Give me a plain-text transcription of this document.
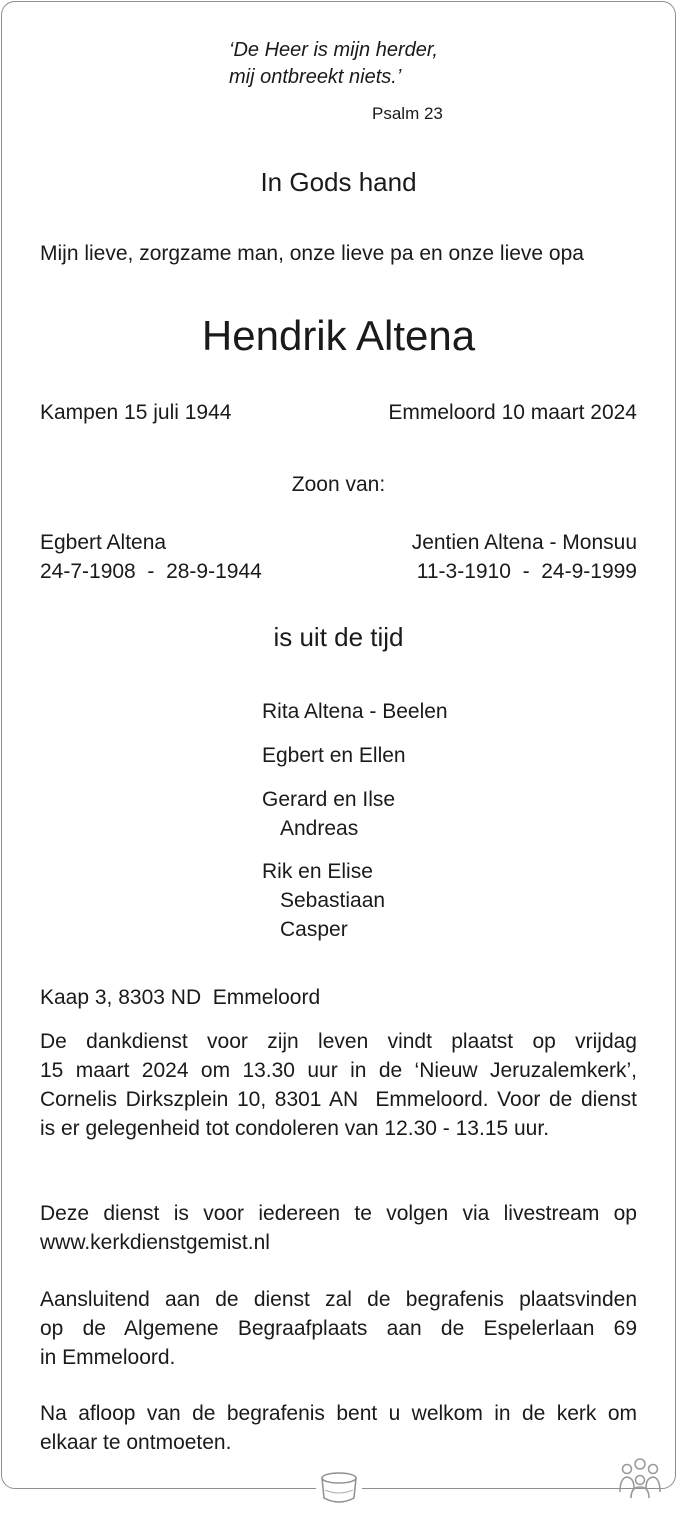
‘De Heer is mijn herder,
mij ontbreekt niets.’
Psalm 23
In Gods hand
Mijn lieve, zorgzame man, onze lieve pa en onze lieve opa
Hendrik Altena
Kampen 15 juli 1944	Emmeloord 10 maart 2024
Zoon van:
Egbert Altena
24-7-1908  -  28-9-1944
Jentien Altena - Monsuu
11-3-1910  -  24-9-1999
is uit de tijd
Rita Altena - Beelen
Egbert en Ellen
Gerard en Ilse
Andreas
Rik en Elise
Sebastiaan
Casper
Kaap 3, 8303 ND  Emmeloord
De dankdienst voor zijn leven vindt plaatst op vrijdag
15 maart 2024 om 13.30 uur in de ‘Nieuw Jeruzalemkerk’,
Cornelis Dirkszplein 10, 8301 AN  Emmeloord. Voor de dienst
is er gelegenheid tot condoleren van 12.30 - 13.15 uur.
Deze dienst is voor iedereen te volgen via livestream op
www.kerkdienstgemist.nl
Aansluitend aan de dienst zal de begrafenis plaatsvinden
op de Algemene Begraafplaats aan de Espelerlaan 69
in Emmeloord.
Na afloop van de begrafenis bent u welkom in de kerk om
elkaar te ontmoeten.
